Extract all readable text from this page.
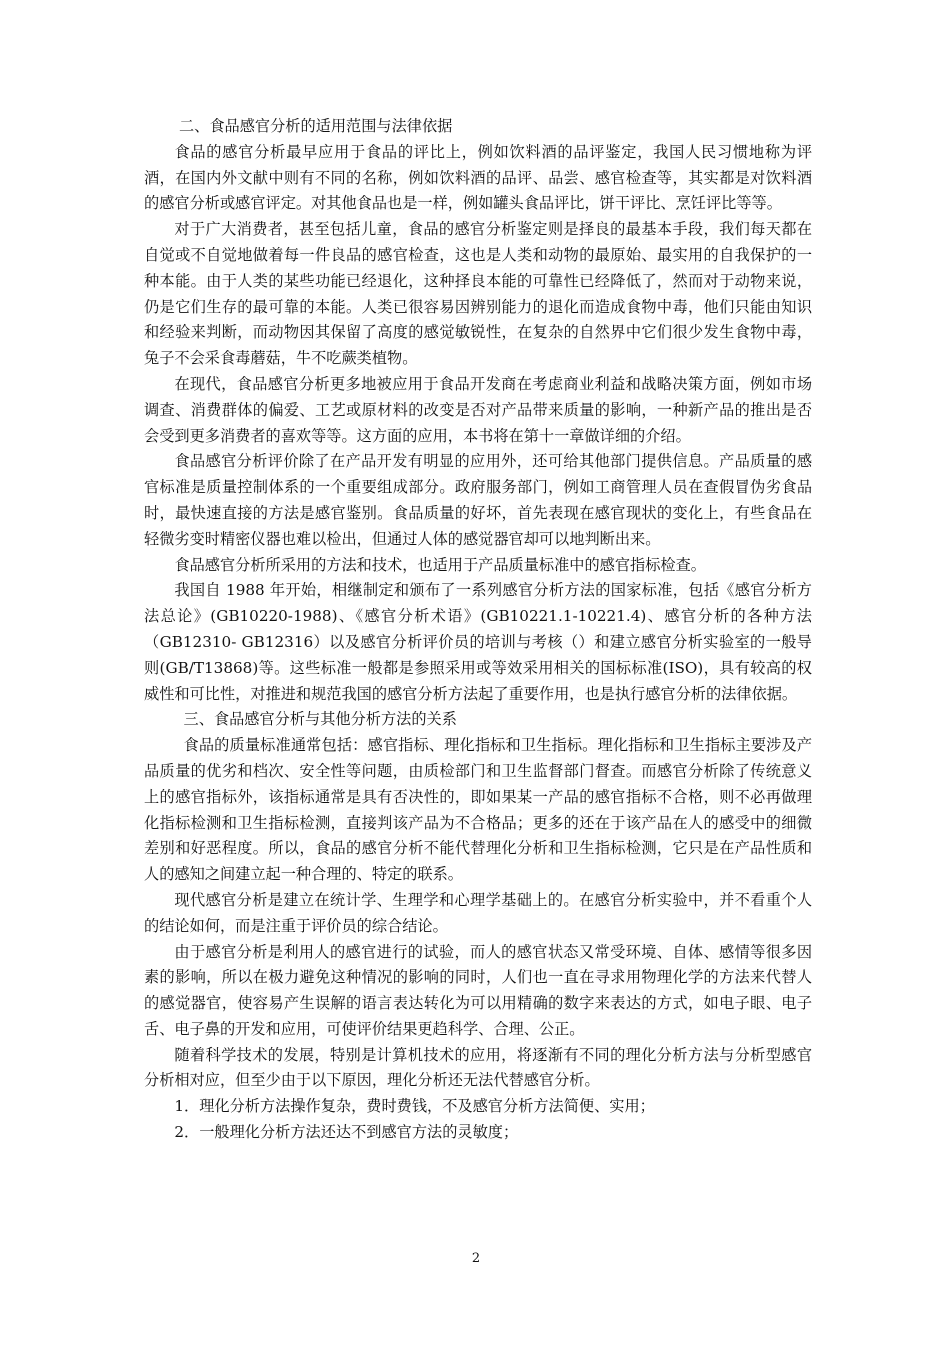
二、食品感官分析的适用范围与法律依据

食品的感官分析最早应用于食品的评比上，例如饮料酒的品评鉴定，我国人民习惯地称为评酒，在国内外文献中则有不同的名称，例如饮料酒的品评、品尝、感官检查等，其实都是对饮料酒的感官分析或感官评定。对其他食品也是一样，例如罐头食品评比，饼干评比、烹饪评比等等。

对于广大消费者，甚至包括儿童，食品的感官分析鉴定则是择良的最基本手段，我们每天都在自觉或不自觉地做着每一件良品的感官检查，这也是人类和动物的最原始、最实用的自我保护的一种本能。由于人类的某些功能已经退化，这种择良本能的可靠性已经降低了，然而对于动物来说，仍是它们生存的最可靠的本能。人类已很容易因辨别能力的退化而造成食物中毒，他们只能由知识和经验来判断，而动物因其保留了高度的感觉敏锐性，在复杂的自然界中它们很少发生食物中毒，兔子不会采食毒蘑菇，牛不吃蕨类植物。

在现代，食品感官分析更多地被应用于食品开发商在考虑商业利益和战略决策方面，例如市场调查、消费群体的偏爱、工艺或原材料的改变是否对产品带来质量的影响，一种新产品的推出是否会受到更多消费者的喜欢等等。这方面的应用，本书将在第十一章做详细的介绍。

食品感官分析评价除了在产品开发有明显的应用外，还可给其他部门提供信息。产品质量的感官标准是质量控制体系的一个重要组成部分。政府服务部门，例如工商管理人员在查假冒伪劣食品时，最快速直接的方法是感官鉴别。食品质量的好坏，首先表现在感官现状的变化上，有些食品在轻微劣变时精密仪器也难以检出，但通过人体的感觉器官却可以地判断出来。

食品感官分析所采用的方法和技术，也适用于产品质量标准中的感官指标检查。

我国自 1988 年开始，相继制定和颁布了一系列感官分析方法的国家标准，包括《感官分析方法总论》(GB10220-1988)、《感官分析术语》(GB10221.1-10221.4)、感官分析的各种方法（GB12310- GB12316）以及感官分析评价员的培训与考核（）和建立感官分析实验室的一般导则(GB/T13868)等。这些标准一般都是参照采用或等效采用相关的国标标准(ISO)，具有较高的权威性和可比性，对推进和规范我国的感官分析方法起了重要作用，也是执行感官分析的法律依据。

三、食品感官分析与其他分析方法的关系

食品的质量标准通常包括：感官指标、理化指标和卫生指标。理化指标和卫生指标主要涉及产品质量的优劣和档次、安全性等问题，由质检部门和卫生监督部门督查。而感官分析除了传统意义上的感官指标外，该指标通常是具有否决性的，即如果某一产品的感官指标不合格，则不必再做理化指标检测和卫生指标检测，直接判该产品为不合格品；更多的还在于该产品在人的感受中的细微差别和好恶程度。所以，食品的感官分析不能代替理化分析和卫生指标检测，它只是在产品性质和人的感知之间建立起一种合理的、特定的联系。

现代感官分析是建立在统计学、生理学和心理学基础上的。在感官分析实验中，并不看重个人的结论如何，而是注重于评价员的综合结论。

由于感官分析是利用人的感官进行的试验，而人的感官状态又常受环境、自体、感情等很多因素的影响，所以在极力避免这种情况的影响的同时，人们也一直在寻求用物理化学的方法来代替人的感觉器官，使容易产生误解的语言表达转化为可以用精确的数字来表达的方式，如电子眼、电子舌、电子鼻的开发和应用，可使评价结果更趋科学、合理、公正。

随着科学技术的发展，特别是计算机技术的应用，将逐渐有不同的理化分析方法与分析型感官分析相对应，但至少由于以下原因，理化分析还无法代替感官分析。

1．理化分析方法操作复杂，费时费钱，不及感官分析方法简便、实用；

2．一般理化分析方法还达不到感官方法的灵敏度；

2
